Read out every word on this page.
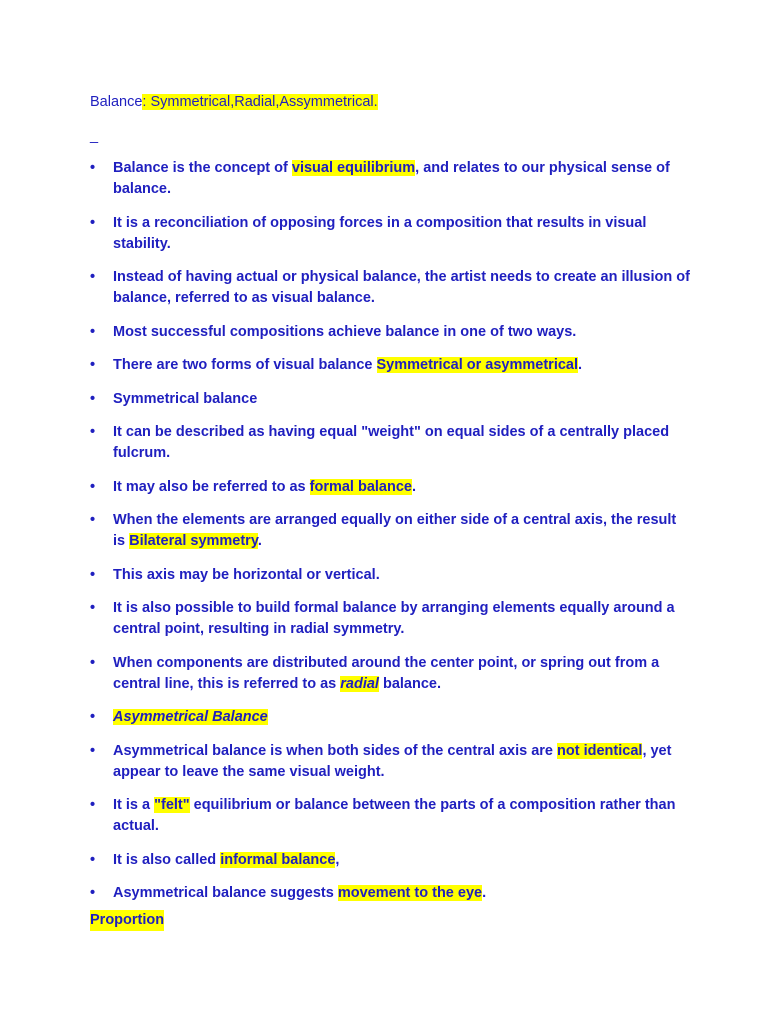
Balance: Symmetrical,Radial,Assymmetrical.
_
• Balance is the concept of visual equilibrium, and relates to our physical sense of balance.
• It is a reconciliation of opposing forces in a composition that results in visual stability.
• Instead of having actual or physical balance, the artist needs to create an illusion of balance, referred to as visual balance.
• Most successful compositions achieve balance in one of two ways.
• There are two forms of visual balance Symmetrical or asymmetrical.
• Symmetrical balance
• It can be described as having equal "weight" on equal sides of a centrally placed fulcrum.
• It may also be referred to as formal balance.
• When the elements are arranged equally on either side of a central axis, the result is Bilateral symmetry.
• This axis may be horizontal or vertical.
• It is also possible to build formal balance by arranging elements equally around a central point, resulting in radial symmetry.
• When components are distributed around the center point, or spring out from a central line, this is referred to as radial balance.
• Asymmetrical Balance
• Asymmetrical balance is when both sides of the central axis are not identical, yet appear to leave the same visual weight.
• It is a "felt" equilibrium or balance between the parts of a composition rather than actual.
• It is also called informal balance,
• Asymmetrical balance suggests movement to the eye.
Proportion
